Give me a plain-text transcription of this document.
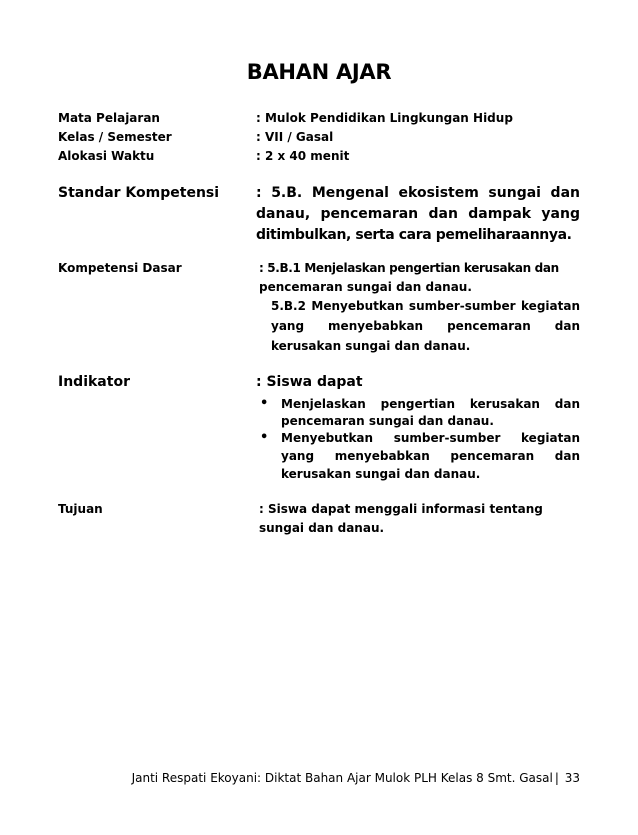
BAHAN AJAR
Mata Pelajaran	: Mulok Pendidikan Lingkungan Hidup
Kelas / Semester	: VII / Gasal
Alokasi Waktu	: 2 x 40 menit
Standar Kompetensi	: 5.B. Mengenal ekosistem sungai dan
danau, pencemaran dan dampak yang
ditimbulkan, serta cara pemeliharaannya.
Kompetensi Dasar	: 5.B.1 Menjelaskan pengertian kerusakan dan
pencemaran sungai dan danau.
5.B.2 Menyebutkan sumber-sumber kegiatan
yang menyebabkan pencemaran dan
kerusakan sungai dan danau.
Indikator	: Siswa dapat
• Menjelaskan pengertian kerusakan dan
pencemaran sungai dan danau.
• Menyebutkan sumber-sumber kegiatan
yang menyebabkan pencemaran dan
kerusakan sungai dan danau.
Tujuan	: Siswa dapat menggali informasi tentang
sungai dan danau.
Janti Respati Ekoyani: Diktat Bahan Ajar Mulok PLH Kelas 8 Smt. Gasal | 33
